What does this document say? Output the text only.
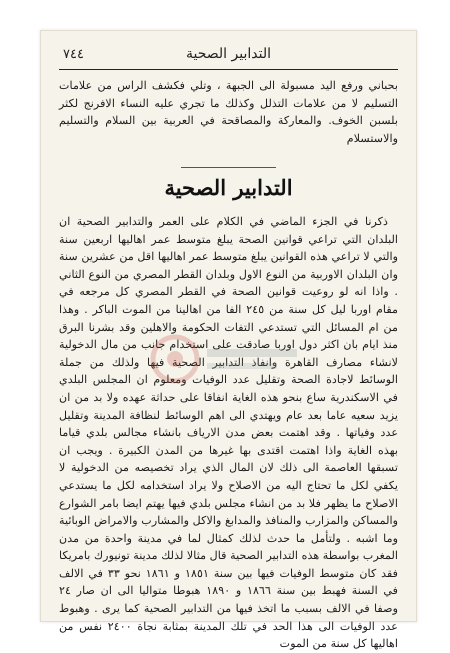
٧٤٤	التدابير الصحية

بحباني ورفع اليد مسبولة الى الجبهة ، وتلي فكشف الراس من علامات التسليم لا من علامات التذلل وكذلك ما تجري عليه النساء الافرنج لكثر بلسبن الخوف. والمعاركة والمصاقحة في العربية بين السلام والتسليم والاستسلام

التدابير الصحية

ذكرنا في الجزء الماضي في الكلام على العمر والتدابير الصحية ان البلدان التي تراعي قوانين الصحة يبلغ متوسط عمر اهاليها اربعين سنة والتي لا تراعي هذه القوانين يبلغ متوسط عمر اهاليها اقل من عشرين سنة وان البلدان الاوربية من النوع الاول وبلدان القطر المصري من النوع الثاني . واذا انه لو روعيت قوانين الصحة في القطر المصري كل مرجعه في مقام اوربا ليل كل سنة من ٢٤٥ الفا من اهالينا من الموت الباكر . وهذا من ام المسائل التي تستدعي التفات الحكومة والاهلين وقد بشرنا البرق منذ ايام بان اكثر دول اوربا صادقت على استخدام جانب من مال الدخولية لانشاء مصارف القاهرة وانفاذ التدابير الصحية فيها ولذلك من جملة الوسائط لاجادة الصحة وتقليل عدد الوفيات ومعلوم ان المجلس البلدي في الاسكندرية ساع بنحو هذه الغاية انفاقا على حداثة عهده ولا بد من ان يزيد سعيه عاما بعد عام ويهتدي الى اهم الوسائط لنظافة المدينة وتقليل عدد وفياتها . وقد اهتمت بعض مدن الارياف بانشاء مجالس بلدي قياما بهذه الغاية واذا اهتمت اقتدى بها غيرها من المدن الكبيرة . ويجب ان تسبقها العاصمة الى ذلك لان المال الذي يراد تخصيصه من الدخولية لا يكفي لكل ما تحتاج اليه من الاصلاح ولا يراد استخدامه لكل ما يستدعي الاصلاح ما يظهر فلا بد من انشاء مجلس بلدي فيها يهتم ايضا بامر الشوارع والمساكن والمزارب والمنافذ والمدابغ والاكل والمشارب والامراض الوبائية وما اشبه . ولتأمل ما حدث لذلك كمثال لما في مدينة واحدة من مدن المغرب بواسطة هذه التدابير الصحية قال مثالا لذلك مدينة تونيورك بامريكا فقد كان متوسط الوفيات فيها بين سنة ١٨٥١ و ١٨٦١ نحو ٣٣ في الالف في السنة فهبط بين سنة ١٨٦٦ و ١٨٩٠ هبوطا متواليا الى ان صار ٢٤ وصفا في الالف بسبب ما اتخذ فيها من التدابير الصحية كما يرى . وهبوط عدد الوفيات الى هذا الحد في تلك المدينة بمثابة نجاة ٢٤٠٠ نفس من اهاليها كل سنة من الموت
